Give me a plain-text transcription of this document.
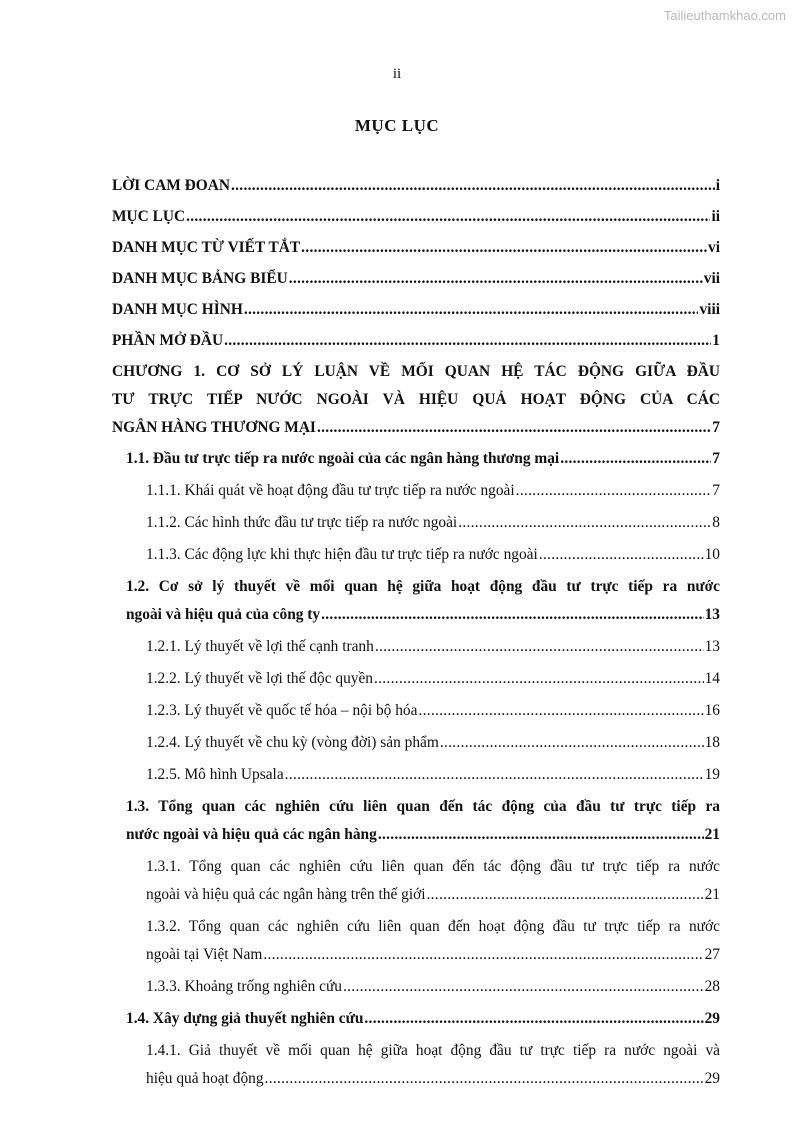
Tailieuthamkhao.com
ii
MỤC LỤC
LỜI CAM ĐOAN .....	i
MỤC LỤC .....	ii
DANH MỤC TỪ VIẾT TẮT .....	vi
DANH MỤC BẢNG BIỂU .....	vii
DANH MỤC HÌNH .....	viii
PHẦN MỞ ĐẦU .....	1
CHƯƠNG 1. CƠ SỞ LÝ LUẬN VỀ MỐI QUAN HỆ TÁC ĐỘNG GIỮA ĐẦU
TƯ TRỰC TIẾP NƯỚC NGOÀI VÀ HIỆU QUẢ HOẠT ĐỘNG CỦA CÁC
NGÂN HÀNG THƯƠNG MẠI .....	7
1.1. Đầu tư trực tiếp ra nước ngoài của các ngân hàng thương mại .....	7
1.1.1. Khái quát về hoạt động đầu tư trực tiếp ra nước ngoài .....	7
1.1.2. Các hình thức đầu tư trực tiếp ra nước ngoài .....	8
1.1.3. Các động lực khi thực hiện đầu tư trực tiếp ra nước ngoài .....	10
1.2. Cơ sở lý thuyết về mối quan hệ giữa hoạt động đầu tư trực tiếp ra nước
ngoài và hiệu quả của công ty .....	13
1.2.1. Lý thuyết về lợi thế cạnh tranh .....	13
1.2.2. Lý thuyết về lợi thế độc quyền .....	14
1.2.3. Lý thuyết về quốc tế hóa – nội bộ hóa .....	16
1.2.4. Lý thuyết về chu kỳ (vòng đời) sản phẩm .....	18
1.2.5. Mô hình Upsala .....	19
1.3. Tổng quan các nghiên cứu liên quan đến tác động của đầu tư trực tiếp ra
nước ngoài và hiệu quả các ngân hàng .....	21
1.3.1. Tổng quan các nghiên cứu liên quan đến tác động đầu tư trực tiếp ra nước
ngoài và hiệu quả các ngân hàng trên thế giới .....	21
1.3.2. Tổng quan các nghiên cứu liên quan đến hoạt động đầu tư trực tiếp ra nước
ngoài tại Việt Nam .....	27
1.3.3. Khoảng trống nghiên cứu .....	28
1.4. Xây dựng giả thuyết nghiên cứu .....	29
1.4.1. Giả thuyết về mối quan hệ giữa hoạt động đầu tư trực tiếp ra nước ngoài và
hiệu quả hoạt động .....	29
